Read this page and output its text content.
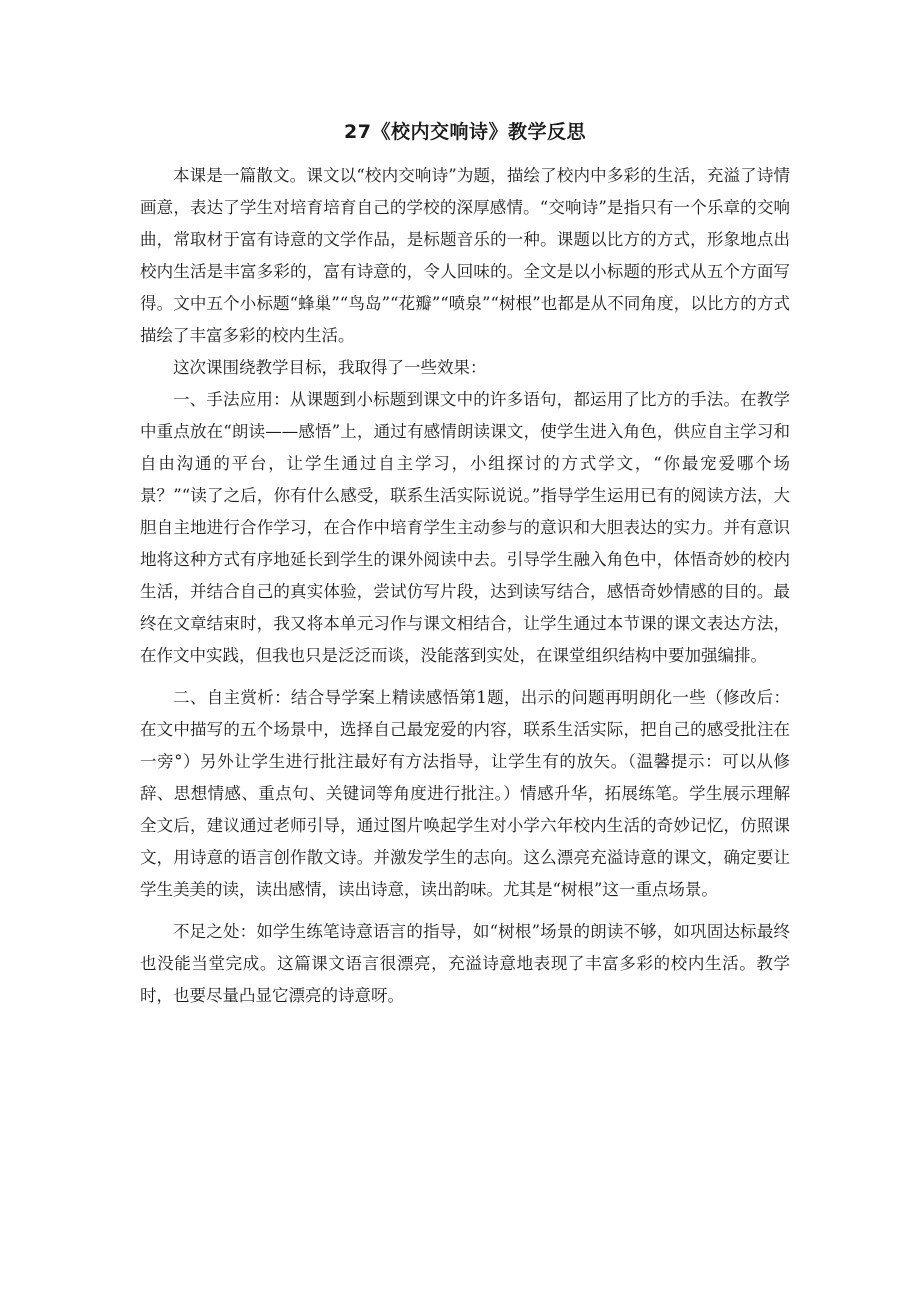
27《校内交响诗》教学反思

本课是一篇散文。课文以“校内交响诗”为题，描绘了校内中多彩的生活，充溢了诗情画意，表达了学生对培育培育自己的学校的深厚感情。“交响诗”是指只有一个乐章的交响曲，常取材于富有诗意的文学作品，是标题音乐的一种。课题以比方的方式，形象地点出校内生活是丰富多彩的，富有诗意的，令人回味的。全文是以小标题的形式从五个方面写得。文中五个小标题“蜂巢”“鸟岛”“花瓣”“喷泉”“树根”也都是从不同角度，以比方的方式描绘了丰富多彩的校内生活。

这次课围绕教学目标，我取得了一些效果：

一、手法应用：从课题到小标题到课文中的许多语句，都运用了比方的手法。在教学中重点放在“朗读——感悟”上，通过有感情朗读课文，使学生进入角色，供应自主学习和自由沟通的平台，让学生通过自主学习，小组探讨的方式学文，“你最宠爱哪个场景？”“读了之后，你有什么感受，联系生活实际说说。”指导学生运用已有的阅读方法，大胆自主地进行合作学习，在合作中培育学生主动参与的意识和大胆表达的实力。并有意识地将这种方式有序地延长到学生的课外阅读中去。引导学生融入角色中，体悟奇妙的校内生活，并结合自己的真实体验，尝试仿写片段，达到读写结合，感悟奇妙情感的目的。最终在文章结束时，我又将本单元习作与课文相结合，让学生通过本节课的课文表达方法，在作文中实践，但我也只是泛泛而谈，没能落到实处，在课堂组织结构中要加强编排。

二、自主赏析：结合导学案上精读感悟第1题，出示的问题再明朗化一些（修改后：在文中描写的五个场景中，选择自己最宠爱的内容，联系生活实际，把自己的感受批注在一旁°）另外让学生进行批注最好有方法指导，让学生有的放矢。（温馨提示：可以从修辞、思想情感、重点句、关键词等角度进行批注。）情感升华，拓展练笔。学生展示理解全文后，建议通过老师引导，通过图片唤起学生对小学六年校内生活的奇妙记忆，仿照课文，用诗意的语言创作散文诗。并激发学生的志向。这么漂亮充溢诗意的课文，确定要让学生美美的读，读出感情，读出诗意，读出韵味。尤其是“树根”这一重点场景。

不足之处：如学生练笔诗意语言的指导，如“树根”场景的朗读不够，如巩固达标最终也没能当堂完成。这篇课文语言很漂亮，充溢诗意地表现了丰富多彩的校内生活。教学时，也要尽量凸显它漂亮的诗意呀。
